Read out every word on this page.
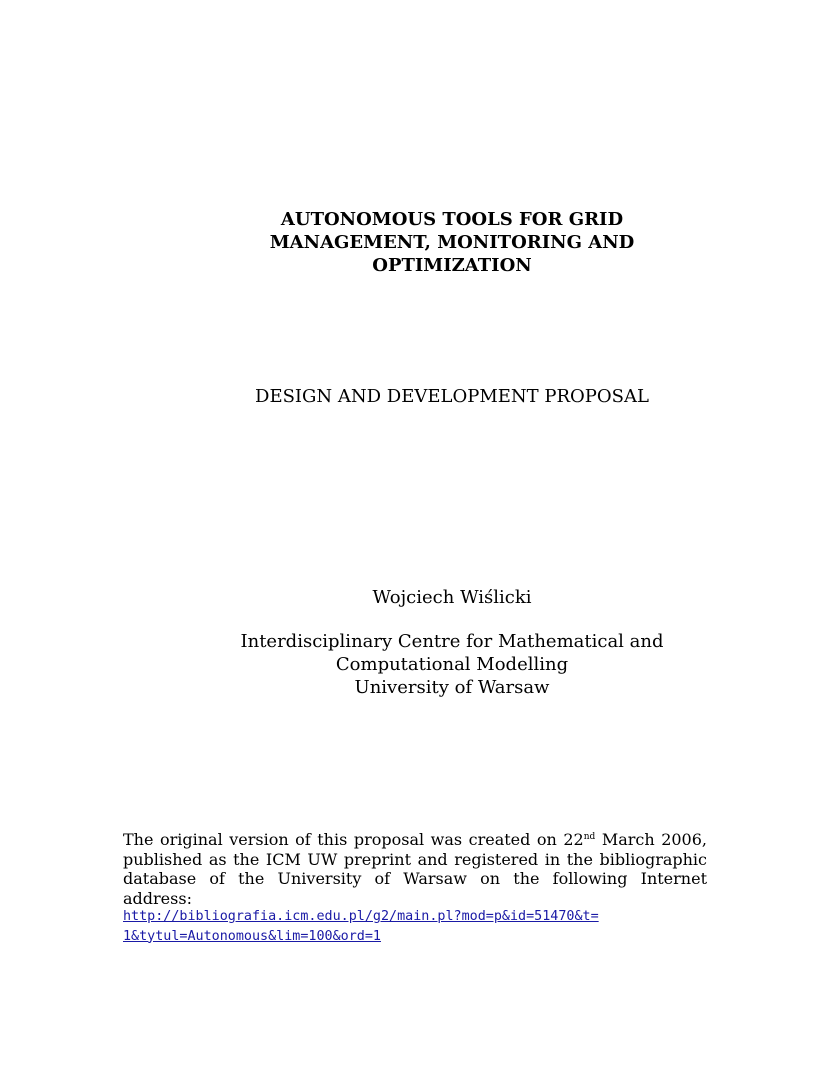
AUTONOMOUS TOOLS FOR GRID
MANAGEMENT, MONITORING AND
OPTIMIZATION
DESIGN AND DEVELOPMENT PROPOSAL
Wojciech Wiślicki
Interdisciplinary Centre for Mathematical and
Computational Modelling
University of Warsaw
The original version of this proposal was created on 22nd March 2006,
published as the ICM UW preprint and registered in the bibliographic
database of the University of Warsaw on the following Internet
address:
http://bibliografia.icm.edu.pl/g2/main.pl?mod=p&id=51470&t=
1&tytul=Autonomous&lim=100&ord=1
